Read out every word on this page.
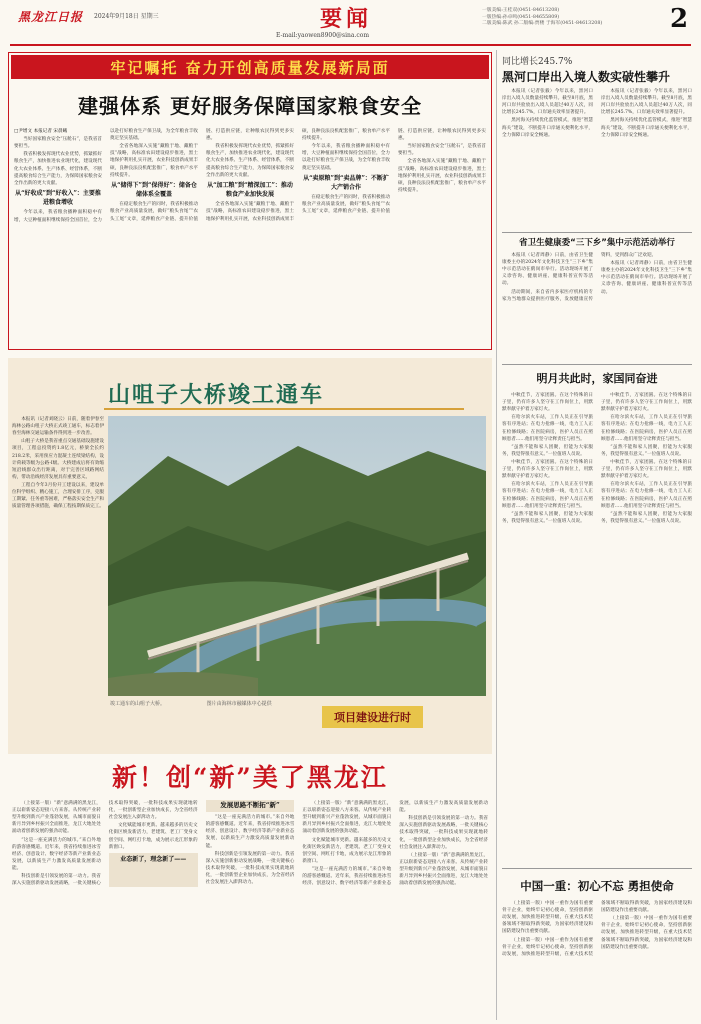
黑龙江日报 2024年9月18日 星期三	要闻
E-mail:yaowen8900@sina.com
一版美编:王桂双(0451-84613208)
一版热编:孙卓鸣(0451-84655809)
二版美编:陈武 孙二版编:贾楼 于海军(0451-84613208)	2
牢记嘱托 奋力开创高质量发展新局面
建强体系 更好服务保障国家粮食安全

□尹增文 本报记者 宋晨曦

当好国家粮食安全“压舱石”，是我省首要担当。

我省积极发挥现代农业优势，抓紧抓好粮食生产，加快推进农业现代化，建设现代化大农业体系、生产体系、经营体系，不断提高粮食综合生产能力，为保障国家粮食安全作出新的更大贡献。

从“好收成”到“好收入”：主要推进粮食增收

今年以来，我省粮食播种面积稳中有增，大豆种植面积继续保持全国首位，全力以赴打好粮食生产保卫战，为全年粮食丰收奠定坚实基础。

全省各地深入实施“藏粮于地、藏粮于技”战略，高标准农田建设稳步推进，黑土地保护利用扎实开展，农业科技创新成果丰硕，良种良法良机配套推广，粮食单产水平持续提升。

从“储得下”到“保得好”：储备仓储体系全覆盖

在稳定粮食生产的同时，我省积极推动粮食产业高质量发展，做好“粮头食尾”“农头工尾”文章，延伸粮食产业链、提升价值链、打造供应链，让种粮农民得到更多实惠。

我省积极发挥现代农业优势，抓紧抓好粮食生产，加快推进农业现代化，建设现代化大农业体系、生产体系、经营体系，不断提高粮食综合生产能力，为保障国家粮食安全作出新的更大贡献。

从“加工粮”到“精深加工”：推动粮食产业加快发展

全省各地深入实施“藏粮于地、藏粮于技”战略，高标准农田建设稳步推进，黑土地保护利用扎实开展，农业科技创新成果丰硕，良种良法良机配套推广，粮食单产水平持续提升。

今年以来，我省粮食播种面积稳中有增，大豆种植面积继续保持全国首位，全力以赴打好粮食生产保卫战，为全年粮食丰收奠定坚实基础。

从“卖原粮”到“卖品牌”：不断扩大产销合作

在稳定粮食生产的同时，我省积极推动粮食产业高质量发展，做好“粮头食尾”“农头工尾”文章，延伸粮食产业链、提升价值链、打造供应链，让种粮农民得到更多实惠。

当好国家粮食安全“压舱石”，是我省首要担当。

全省各地深入实施“藏粮于地、藏粮于技”战略，高标准农田建设稳步推进，黑土地保护利用扎实开展，农业科技创新成果丰硕，良种良法良机配套推广，粮食单产水平持续提升。

山咀子大桥竣工通车

本报讯（记者刘晓云）日前，随着伊春至海林公路山咀子大桥正式竣工通车，标志着伊春至海林交通运输条件得到进一步改善。

山咀子大桥是我省重点交通基础设施建设项目，工程总投资约1.8亿元，桥梁全长约218.2米，采用预应力混凝土连续梁结构，设计荷载等级为公路-I级。大桥建成后将有效缩短沿线群众出行距离，对于完善区域路网结构，带动沿线经济发展具有重要意义。

工程自今年3月份开工建设以来，建设单位科学组织、精心施工，合理安排工序，克服工期紧、任务重等困难，严格落实安全生产和质量管理各项措施，确保工程按期保质完工。

竣工通车的山咀子大桥。	图片由海林市融媒体中心提供
项目建设进行时
新！创“新”美了黑龙江

（上接第一版）“新”意满满的黑龙江，正以崭新姿态迎接八方来客。从传统产业转型升级到新兴产业蓬勃发展，从城市面貌日新月异到乡村振兴全面推进，龙江大地处处涌动着创新发展的强劲动能。

“这是一座充满活力的城市。”来自外地的游客感慨道。近年来，我省持续推进冰雪经济、创意设计、数字经济等新产业新业态发展，以新质生产力激发高质量发展新动能。

科技创新是引领发展的第一动力。我省深入实施创新驱动发展战略，一批关键核心技术取得突破，一批科技成果实现就地转化，一批创新型企业加快成长，为全省经济社会发展注入澎湃动力。

文化赋能城市更新。越来越多的历史文化街区焕发新活力，老建筑、老工厂变身文创空间、网红打卡地，成为展示龙江形象的新窗口。

业态新了，理念新了——
发展思路不断拓“新”

“这是一座充满活力的城市。”来自外地的游客感慨道。近年来，我省持续推进冰雪经济、创意设计、数字经济等新产业新业态发展，以新质生产力激发高质量发展新动能。

科技创新是引领发展的第一动力。我省深入实施创新驱动发展战略，一批关键核心技术取得突破，一批科技成果实现就地转化，一批创新型企业加快成长，为全省经济社会发展注入澎湃动力。

（上接第一版）“新”意满满的黑龙江，正以崭新姿态迎接八方来客。从传统产业转型升级到新兴产业蓬勃发展，从城市面貌日新月异到乡村振兴全面推进，龙江大地处处涌动着创新发展的强劲动能。

文化赋能城市更新。越来越多的历史文化街区焕发新活力，老建筑、老工厂变身文创空间、网红打卡地，成为展示龙江形象的新窗口。

“这是一座充满活力的城市。”来自外地的游客感慨道。近年来，我省持续推进冰雪经济、创意设计、数字经济等新产业新业态发展，以新质生产力激发高质量发展新动能。

科技创新是引领发展的第一动力。我省深入实施创新驱动发展战略，一批关键核心技术取得突破，一批科技成果实现就地转化，一批创新型企业加快成长，为全省经济社会发展注入澎湃动力。

（上接第一版）“新”意满满的黑龙江，正以崭新姿态迎接八方来客。从传统产业转型升级到新兴产业蓬勃发展，从城市面貌日新月异到乡村振兴全面推进，龙江大地处处涌动着创新发展的强劲动能。

同比增长245.7%
黑河口岸出入境人数实破性攀升

本报讯（记者张毅）今年以来，黑河口岸出入境人员数量持续攀升。截至8月底，黑河口岸共验放出入境人员超过40万人次，同比增长245.7%，口岸通关效率显著提升。

黑河海关持续优化监管模式，推进“智慧海关”建设，不断提升口岸通关便利化水平，全力保障口岸安全畅通。

本报讯（记者张毅）今年以来，黑河口岸出入境人员数量持续攀升。截至8月底，黑河口岸共验放出入境人员超过40万人次，同比增长245.7%，口岸通关效率显著提升。

黑河海关持续优化监管模式，推进“智慧海关”建设，不断提升口岸通关便利化水平，全力保障口岸安全畅通。

省卫生健康委“三下乡”集中示范活动举行

本报讯（记者周静）日前，由省卫生健康委主办的2024年文化科技卫生“三下乡”集中示范活动在鹤岗市举行。活动现场开展了义诊咨询、健康讲座、健康科普宣传等活动。

活动期间，来自省内多家医疗机构的专家为当地群众提供医疗服务，发放健康宣传资料，受到群众广泛欢迎。

本报讯（记者周静）日前，由省卫生健康委主办的2024年文化科技卫生“三下乡”集中示范活动在鹤岗市举行。活动现场开展了义诊咨询、健康讲座、健康科普宣传等活动。

明月共此时，家国同奋进

中秋佳节，万家团圆。在这个特殊的日子里，仍有许多人坚守在工作岗位上，用默默奉献守护着万家灯火。

在哈尔滨火车站，工作人员正在引导旅客有序进站；在电力抢修一线，电力工人正在检修线路；在医院病房，医护人员正在照顾患者……他们用坚守诠释责任与担当。

“虽然不能和家人团聚，但能为大家服务，我觉得很有意义。”一位值班人员说。

中秋佳节，万家团圆。在这个特殊的日子里，仍有许多人坚守在工作岗位上，用默默奉献守护着万家灯火。

在哈尔滨火车站，工作人员正在引导旅客有序进站；在电力抢修一线，电力工人正在检修线路；在医院病房，医护人员正在照顾患者……他们用坚守诠释责任与担当。

“虽然不能和家人团聚，但能为大家服务，我觉得很有意义。”一位值班人员说。

中秋佳节，万家团圆。在这个特殊的日子里，仍有许多人坚守在工作岗位上，用默默奉献守护着万家灯火。

在哈尔滨火车站，工作人员正在引导旅客有序进站；在电力抢修一线，电力工人正在检修线路；在医院病房，医护人员正在照顾患者……他们用坚守诠释责任与担当。

“虽然不能和家人团聚，但能为大家服务，我觉得很有意义。”一位值班人员说。

中秋佳节，万家团圆。在这个特殊的日子里，仍有许多人坚守在工作岗位上，用默默奉献守护着万家灯火。

在哈尔滨火车站，工作人员正在引导旅客有序进站；在电力抢修一线，电力工人正在检修线路；在医院病房，医护人员正在照顾患者……他们用坚守诠释责任与担当。

“虽然不能和家人团聚，但能为大家服务，我觉得很有意义。”一位值班人员说。

中国一重：初心不忘 勇担使命

（上接第一版）中国一重作为国有重要骨干企业，始终牢记初心使命，坚持创新驱动发展，加快推进转型升级，在重大技术装备领域不断取得新突破，为国家经济建设和国防建设作出重要贡献。

（上接第一版）中国一重作为国有重要骨干企业，始终牢记初心使命，坚持创新驱动发展，加快推进转型升级，在重大技术装备领域不断取得新突破，为国家经济建设和国防建设作出重要贡献。

（上接第一版）中国一重作为国有重要骨干企业，始终牢记初心使命，坚持创新驱动发展，加快推进转型升级，在重大技术装备领域不断取得新突破，为国家经济建设和国防建设作出重要贡献。
